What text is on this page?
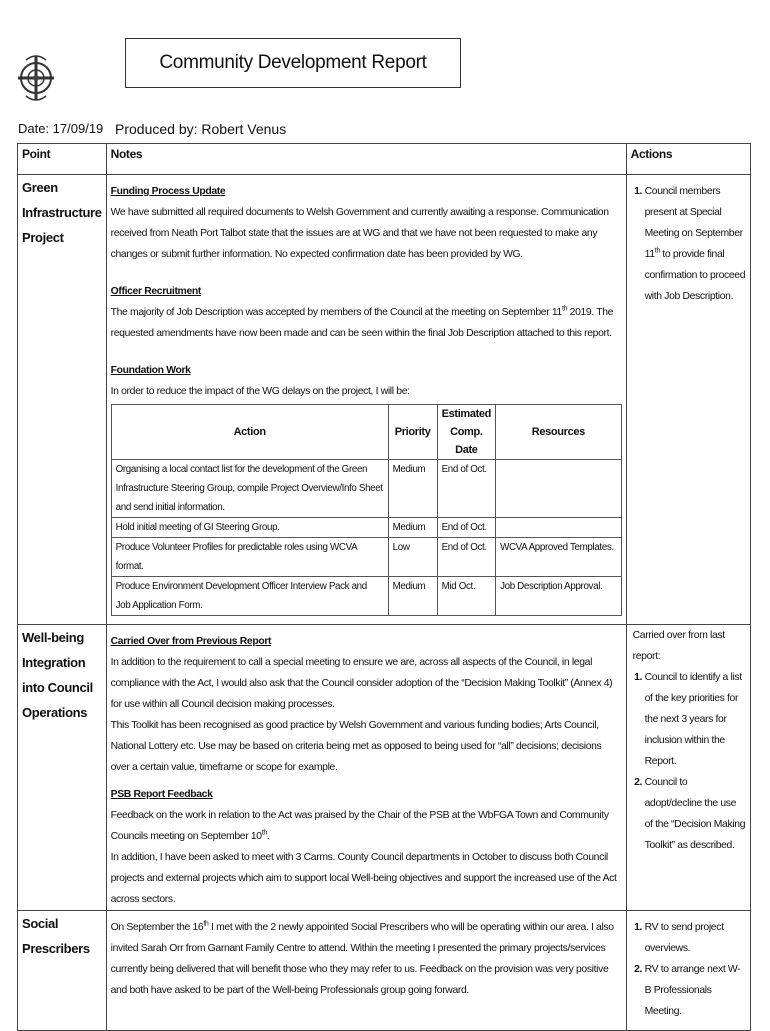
Community Development Report
Date: 17/09/19 Produced by: Robert Venus
Point	Notes	Actions

Green
Infrastructure
Project

Funding Process Update
We have submitted all required documents to Welsh Government and currently awaiting a response. Communication received from Neath Port Talbot state that the issues are at WG and that we have not been requested to make any changes or submit further information. No expected confirmation date has been provided by WG.
Officer Recruitment
The majority of Job Description was accepted by members of the Council at the meeting on September 11th 2019. The requested amendments have now been made and can be seen within the final Job Description attached to this report.
Foundation Work
In order to reduce the impact of the WG delays on the project, I will be:
Action	Priority	Estimated Comp. Date	Resources
Organising a local contact list for the development of the Green Infrastructure Steering Group, compile Project Overview/Info Sheet and send initial information.	Medium	End of Oct.	
Hold initial meeting of GI Steering Group.	Medium	End of Oct.	
Produce Volunteer Profiles for predictable roles using WCVA format.	Low	End of Oct.	WCVA Approved Templates.
Produce Environment Development Officer Interview Pack and Job Application Form.	Medium	Mid Oct.	Job Description Approval.

1. Council members present at Special Meeting on September 11th to provide final confirmation to proceed with Job Description.

Well-being
Integration
into Council
Operations

Carried Over from Previous Report
In addition to the requirement to call a special meeting to ensure we are, across all aspects of the Council, in legal compliance with the Act, I would also ask that the Council consider adoption of the “Decision Making Toolkit” (Annex 4) for use within all Council decision making processes.
This Toolkit has been recognised as good practice by Welsh Government and various funding bodies; Arts Council, National Lottery etc. Use may be based on criteria being met as opposed to being used for “all” decisions; decisions over a certain value, timeframe or scope for example.
PSB Report Feedback
Feedback on the work in relation to the Act was praised by the Chair of the PSB at the WbFGA Town and Community Councils meeting on September 10th.
In addition, I have been asked to meet with 3 Carms. County Council departments in October to discuss both Council projects and external projects which aim to support local Well-being objectives and support the increased use of the Act across sectors.

Carried over from last report:
1. Council to identify a list of the key priorities for the next 3 years for inclusion within the Report.
2. Council to adopt/decline the use of the “Decision Making Toolkit” as described.

Social
Prescribers

On September the 16th I met with the 2 newly appointed Social Prescribers who will be operating within our area. I also invited Sarah Orr from Garnant Family Centre to attend. Within the meeting I presented the primary projects/services currently being delivered that will benefit those who they may refer to us. Feedback on the provision was very positive and both have asked to be part of the Well-being Professionals group going forward.

1. RV to send project overviews.
2. RV to arrange next W-B Professionals Meeting.
